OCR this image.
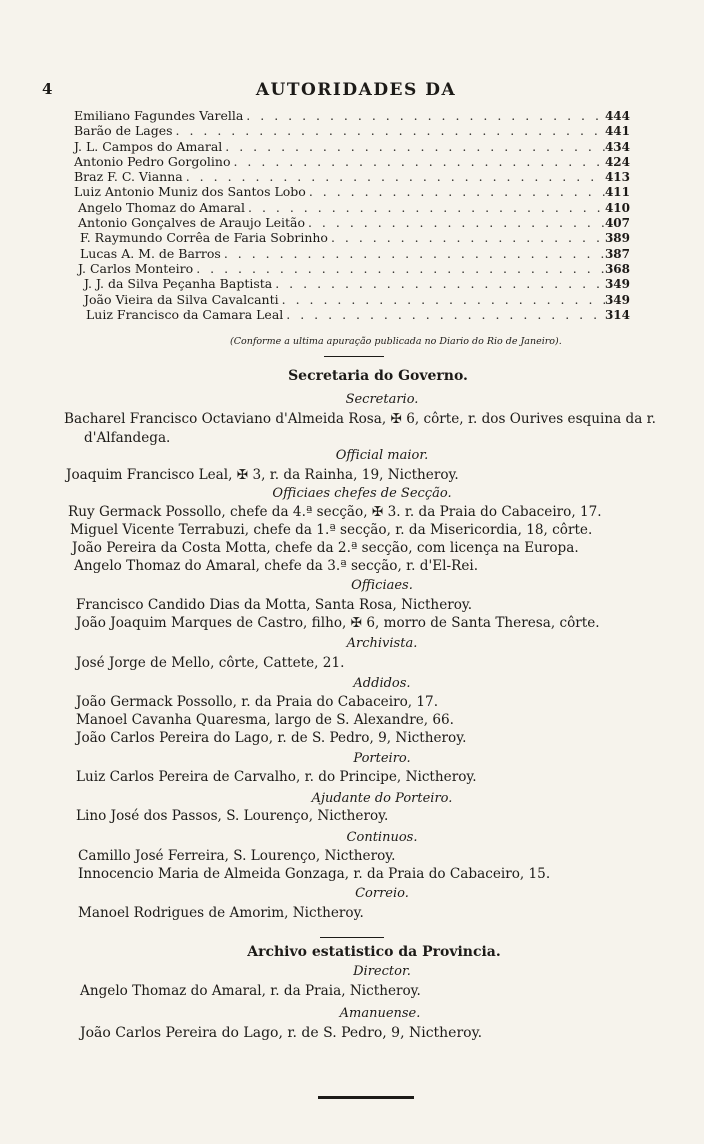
4	AUTORIDADES DA
Emiliano Fagundes Varella . . .	444
Barão de Lages . . .	441
J. L. Campos do Amaral . . .	434
Antonio Pedro Gorgolino . . .	424
Braz F. C. Vianna . . .	413
Luiz Antonio Muniz dos Santos Lobo . . .	411
Angelo Thomaz do Amaral . . .	410
Antonio Gonçalves de Araujo Leitão . . .	407
F. Raymundo Corrêa de Faria Sobrinho . . .	389
Lucas A. M. de Barros . . .	387
J. Carlos Monteiro . . .	368
J. J. da Silva Peçanha Baptista . . .	349
João Vieira da Silva Cavalcanti . . .	349
Luiz Francisco da Camara Leal . . .	314
(Conforme a ultima apuração publicada no Diario do Rio de Janeiro).
Secretaria do Governo.
Secretario.
Bacharel Francisco Octaviano d'Almeida Rosa, ✠ 6, côrte, r. dos Ourives esquina da r. d'Alfandega.
Official maior.
Joaquim Francisco Leal, ✠ 3, r. da Rainha, 19, Nictheroy.
Officiaes chefes de Secção.
Ruy Germack Possollo, chefe da 4.ª secção, ✠ 3. r. da Praia do Cabaceiro, 17.
Miguel Vicente Terrabuzi, chefe da 1.ª secção, r. da Misericordia, 18, côrte.
João Pereira da Costa Motta, chefe da 2.ª secção, com licença na Europa.
Angelo Thomaz do Amaral, chefe da 3.ª secção, r. d'El-Rei.
Officiaes.
Francisco Candido Dias da Motta, Santa Rosa, Nictheroy.
João Joaquim Marques de Castro, filho, ✠ 6, morro de Santa Theresa, côrte.
Archivista.
José Jorge de Mello, côrte, Cattete, 21.
Addidos.
João Germack Possollo, r. da Praia do Cabaceiro, 17.
Manoel Cavanha Quaresma, largo de S. Alexandre, 66.
João Carlos Pereira do Lago, r. de S. Pedro, 9, Nictheroy.
Porteiro.
Luiz Carlos Pereira de Carvalho, r. do Principe, Nictheroy.
Ajudante do Porteiro.
Lino José dos Passos, S. Lourenço, Nictheroy.
Continuos.
Camillo José Ferreira, S. Lourenço, Nictheroy.
Innocencio Maria de Almeida Gonzaga, r. da Praia do Cabaceiro, 15.
Correio.
Manoel Rodrigues de Amorim, Nictheroy.
Archivo estatistico da Provincia.
Director.
Angelo Thomaz do Amaral, r. da Praia, Nictheroy.
Amanuense.
João Carlos Pereira do Lago, r. de S. Pedro, 9, Nictheroy.
